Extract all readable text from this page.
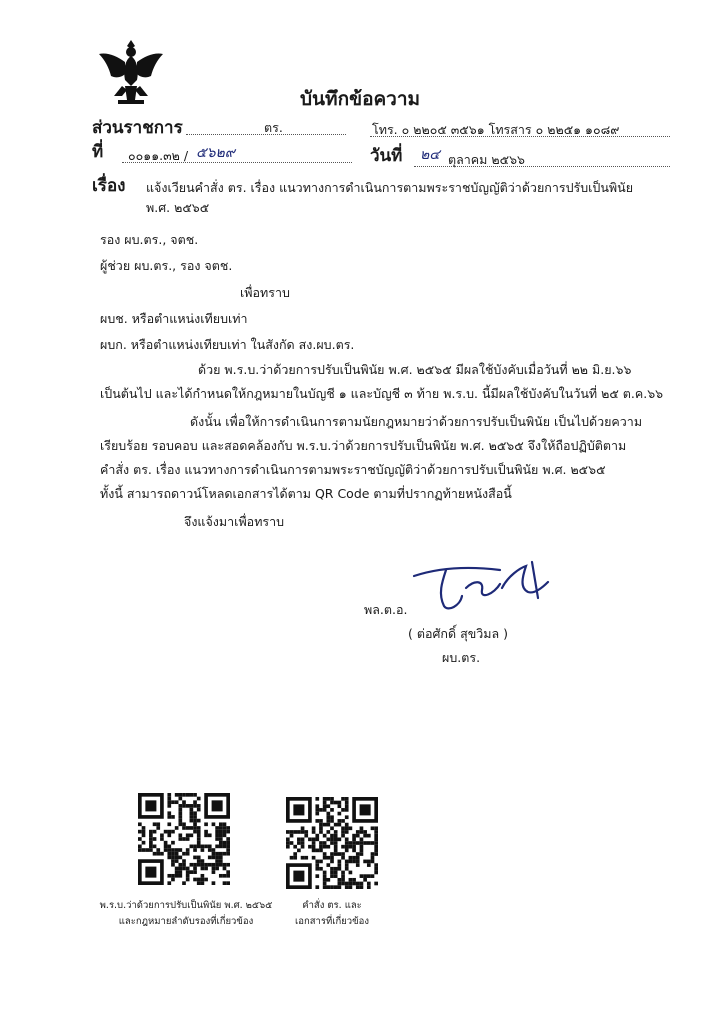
บันทึกข้อความ
ส่วนราชการ	ตร.	โทร. ๐ ๒๒๐๕ ๓๕๖๑ โทรสาร ๐ ๒๒๕๑ ๑๐๘๙
ที่ ๐๐๑๑.๓๒ / ๕๖๒๙	วันที่ ๒๔ ตุลาคม ๒๕๖๖
เรื่อง แจ้งเวียนคำสั่ง ตร. เรื่อง แนวทางการดำเนินการตามพระราชบัญญัติว่าด้วยการปรับเป็นพินัย
พ.ศ. ๒๕๖๕
รอง ผบ.ตร., จตช.
ผู้ช่วย ผบ.ตร., รอง จตช.
เพื่อทราบ
ผบช. หรือตำแหน่งเทียบเท่า
ผบก. หรือตำแหน่งเทียบเท่า ในสังกัด สง.ผบ.ตร.
ด้วย พ.ร.บ.ว่าด้วยการปรับเป็นพินัย พ.ศ. ๒๕๖๕ มีผลใช้บังคับเมื่อวันที่ ๒๒ มิ.ย.๖๖
เป็นต้นไป และได้กำหนดให้กฎหมายในบัญชี ๑ และบัญชี ๓ ท้าย พ.ร.บ. นี้มีผลใช้บังคับในวันที่ ๒๕ ต.ค.๖๖
ดังนั้น เพื่อให้การดำเนินการตามนัยกฎหมายว่าด้วยการปรับเป็นพินัย เป็นไปด้วยความ
เรียบร้อย รอบคอบ และสอดคล้องกับ พ.ร.บ.ว่าด้วยการปรับเป็นพินัย พ.ศ. ๒๕๖๕ จึงให้ถือปฏิบัติตาม
คำสั่ง ตร. เรื่อง แนวทางการดำเนินการตามพระราชบัญญัติว่าด้วยการปรับเป็นพินัย พ.ศ. ๒๕๖๕
ทั้งนี้ สามารถดาวน์โหลดเอกสารได้ตาม QR Code ตามที่ปรากฏท้ายหนังสือนี้
จึงแจ้งมาเพื่อทราบ
พล.ต.อ.
( ต่อศักดิ์ สุขวิมล )
ผบ.ตร.
พ.ร.บ.ว่าด้วยการปรับเป็นพินัย พ.ศ. ๒๕๖๕
และกฎหมายลำดับรองที่เกี่ยวข้อง
คำสั่ง ตร. และ
เอกสารที่เกี่ยวข้อง
